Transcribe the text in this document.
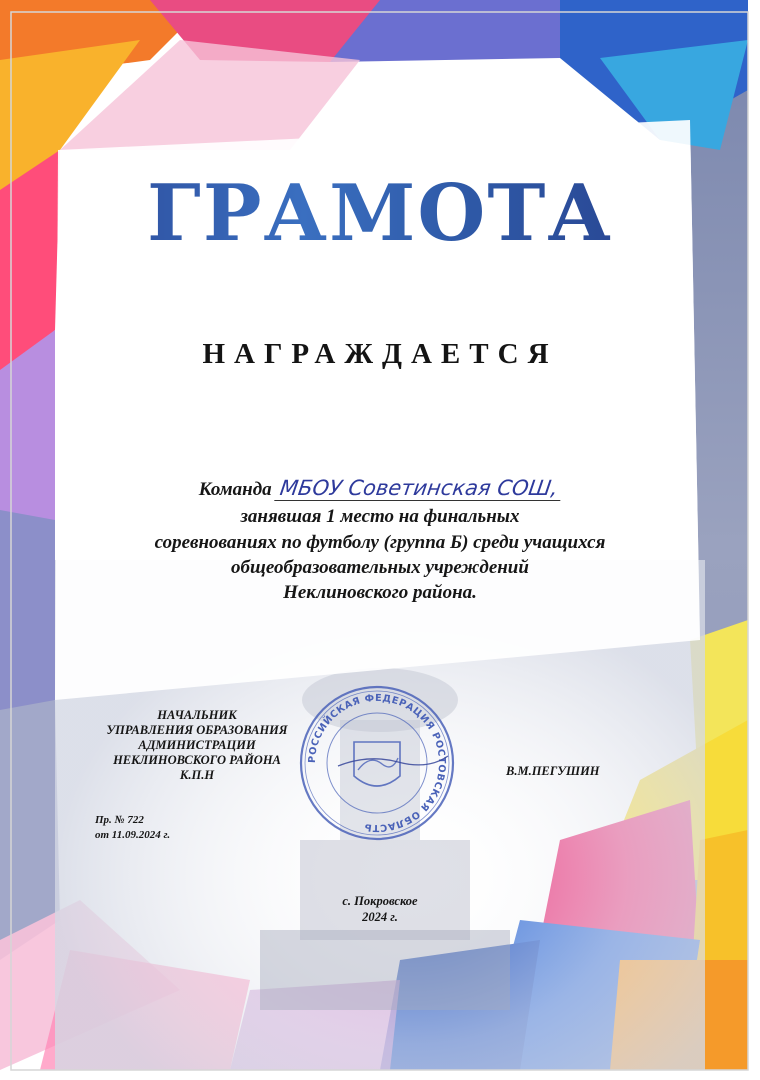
ГРАМОТА
НАГРАЖДАЕТСЯ
Команда МБОУ Советинская СОШ,
занявшая 1 место на финальных
соревнованиях по футболу (группа Б) среди учащихся
общеобразовательных учреждений
Неклиновского района.
НАЧАЛЬНИК
УПРАВЛЕНИЯ ОБРАЗОВАНИЯ
АДМИНИСТРАЦИИ
НЕКЛИНОВСКОГО РАЙОНА
К.П.Н	В.М.ПЕГУШИН
Пр. № 722
от 11.09.2024 г.
РОССИЙСКАЯ ФЕДЕРАЦИЯ РОСТОВСКАЯ ОБЛАСТЬ
с. Покровское
2024 г.
